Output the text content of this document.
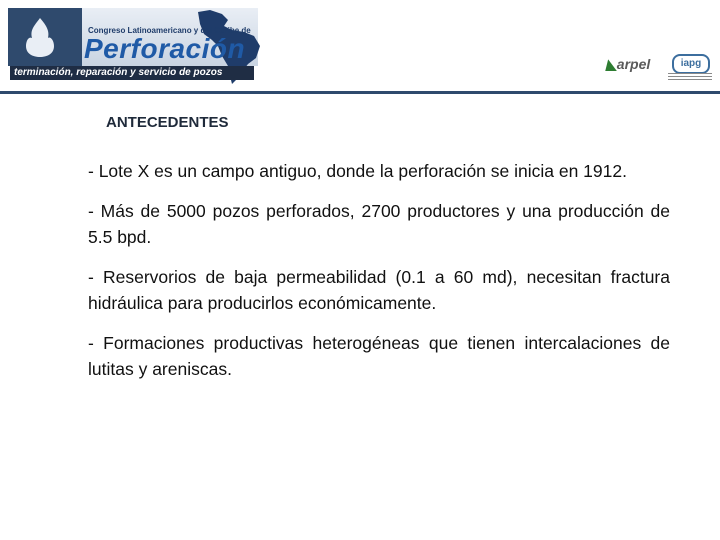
Congreso Latinoamericano y del Caribe de
Perforación
terminación, reparación y servicio de pozos
◣arpel	iapg
ANTECEDENTES

- Lote X es un campo antiguo, donde la perforación se inicia en 1912.

- Más de 5000 pozos perforados, 2700 productores y una producción de 5.5 bpd.

- Reservorios de baja permeabilidad (0.1 a 60 md), necesitan fractura hidráulica para producirlos económicamente.

- Formaciones productivas heterogéneas que tienen intercalaciones de lutitas y areniscas.
